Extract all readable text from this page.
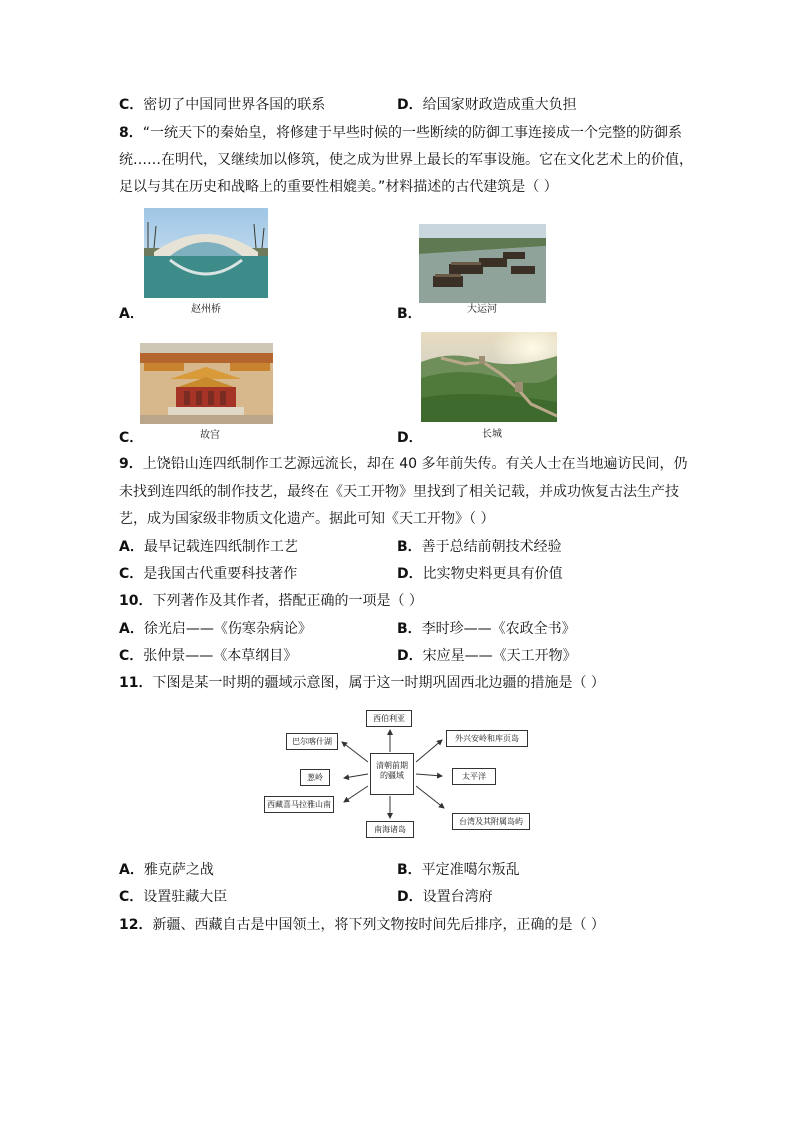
C．密切了中国同世界各国的联系	D．给国家财政造成重大负担
8．“一统天下的秦始皇，将修建于早些时候的一些断续的防御工事连接成一个完整的防御系
统……在明代，又继续加以修筑，使之成为世界上最长的军事设施。它在文化艺术上的价值，
足以与其在历史和战略上的重要性相媲美。”材料描述的古代建筑是（ ）
A．	赵州桥	B．	大运河
C．	故宫	D．	长城
9．上饶铅山连四纸制作工艺源远流长，却在 40 多年前失传。有关人士在当地遍访民间，仍
未找到连四纸的制作技艺，最终在《天工开物》里找到了相关记载，并成功恢复古法生产技
艺，成为国家级非物质文化遗产。据此可知《天工开物》（ ）
A．最早记载连四纸制作工艺	B．善于总结前朝技术经验
C．是我国古代重要科技著作	D．比实物史料更具有价值
10．下列著作及其作者，搭配正确的一项是（ ）
A．徐光启——《伤寒杂病论》	B．李时珍——《农政全书》
C．张仲景——《本草纲目》	D．宋应星——《天工开物》
11．下图是某一时期的疆域示意图，属于这一时期巩固西北边疆的措施是（ ）
清朝前期
的疆域
西伯利亚
巴尔喀什湖
葱岭
西藏喜马拉雅山南
南海诸岛
外兴安岭和库页岛
太平洋
台湾及其附属岛屿
A．雅克萨之战	B．平定准噶尔叛乱
C．设置驻藏大臣	D．设置台湾府
12．新疆、西藏自古是中国领土，将下列文物按时间先后排序，正确的是（ ）
